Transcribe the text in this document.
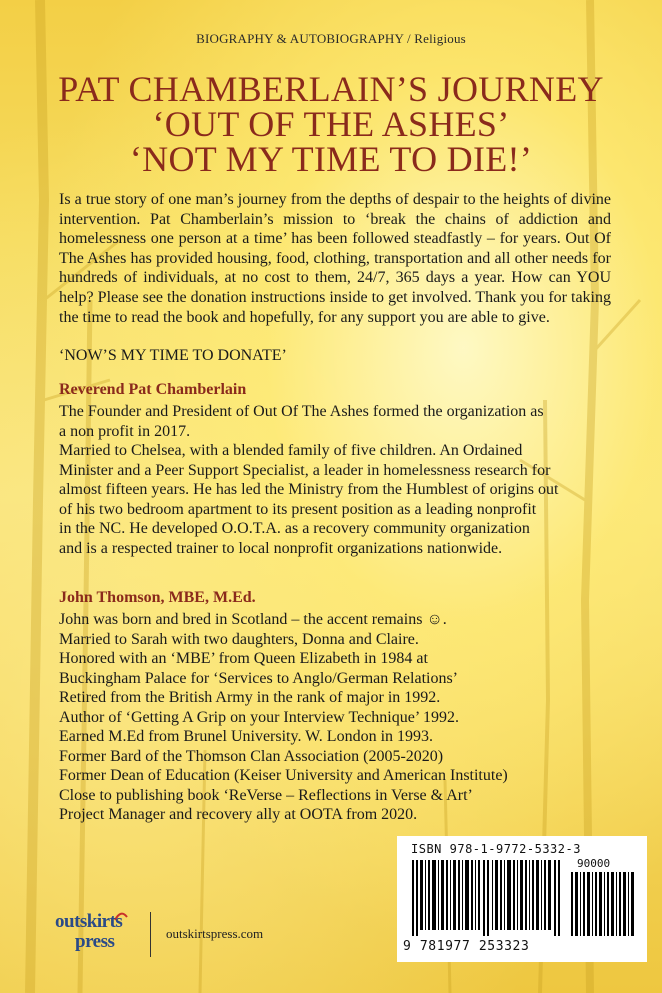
BIOGRAPHY & AUTOBIOGRAPHY / Religious
PAT CHAMBERLAIN’S JOURNEY
‘OUT OF THE ASHES’
‘NOT MY TIME TO DIE!’

Is a true story of one man’s journey from the depths of despair to the heights of divine intervention. Pat Chamberlain’s mission to ‘break the chains of addiction and homelessness one person at a time’ has been followed steadfastly – for years. Out Of The Ashes has provided housing, food, clothing, transportation and all other needs for hundreds of individuals, at no cost to them, 24/7, 365 days a year. How can YOU help? Please see the donation instructions inside to get involved. Thank you for taking the time to read the book and hopefully, for any support you are able to give.

‘NOW’S MY TIME TO DONATE’
Reverend Pat Chamberlain
The Founder and President of Out Of The Ashes formed the organization as
a non profit in 2017.
Married to Chelsea, with a blended family of five children. An Ordained
Minister and a Peer Support Specialist, a leader in homelessness research for
almost fifteen years. He has led the Ministry from the Humblest of origins out
of his two bedroom apartment to its present position as a leading nonprofit
in the NC. He developed O.O.T.A. as a recovery community organization
and is a respected trainer to local nonprofit organizations nationwide.
John Thomson, MBE, M.Ed.
John was born and bred in Scotland – the accent remains ☺.
Married to Sarah with two daughters, Donna and Claire.
Honored with an ‘MBE’ from Queen Elizabeth in 1984 at
Buckingham Palace for ‘Services to Anglo/German Relations’
Retired from the British Army in the rank of major in 1992.
Author of ‘Getting A Grip on your Interview Technique’ 1992.
Earned M.Ed from Brunel University. W. London in 1993.
Former Bard of the Thomson Clan Association (2005-2020)
Former Dean of Education (Keiser University and American Institute)
Close to publishing book ‘ReVerse – Reflections in Verse & Art’
Project Manager and recovery ally at OOTA from 2020.
ISBN 978-1-9772-5332-3
90000
9 781977 253323
outskirts
press	outskirtspress.com
